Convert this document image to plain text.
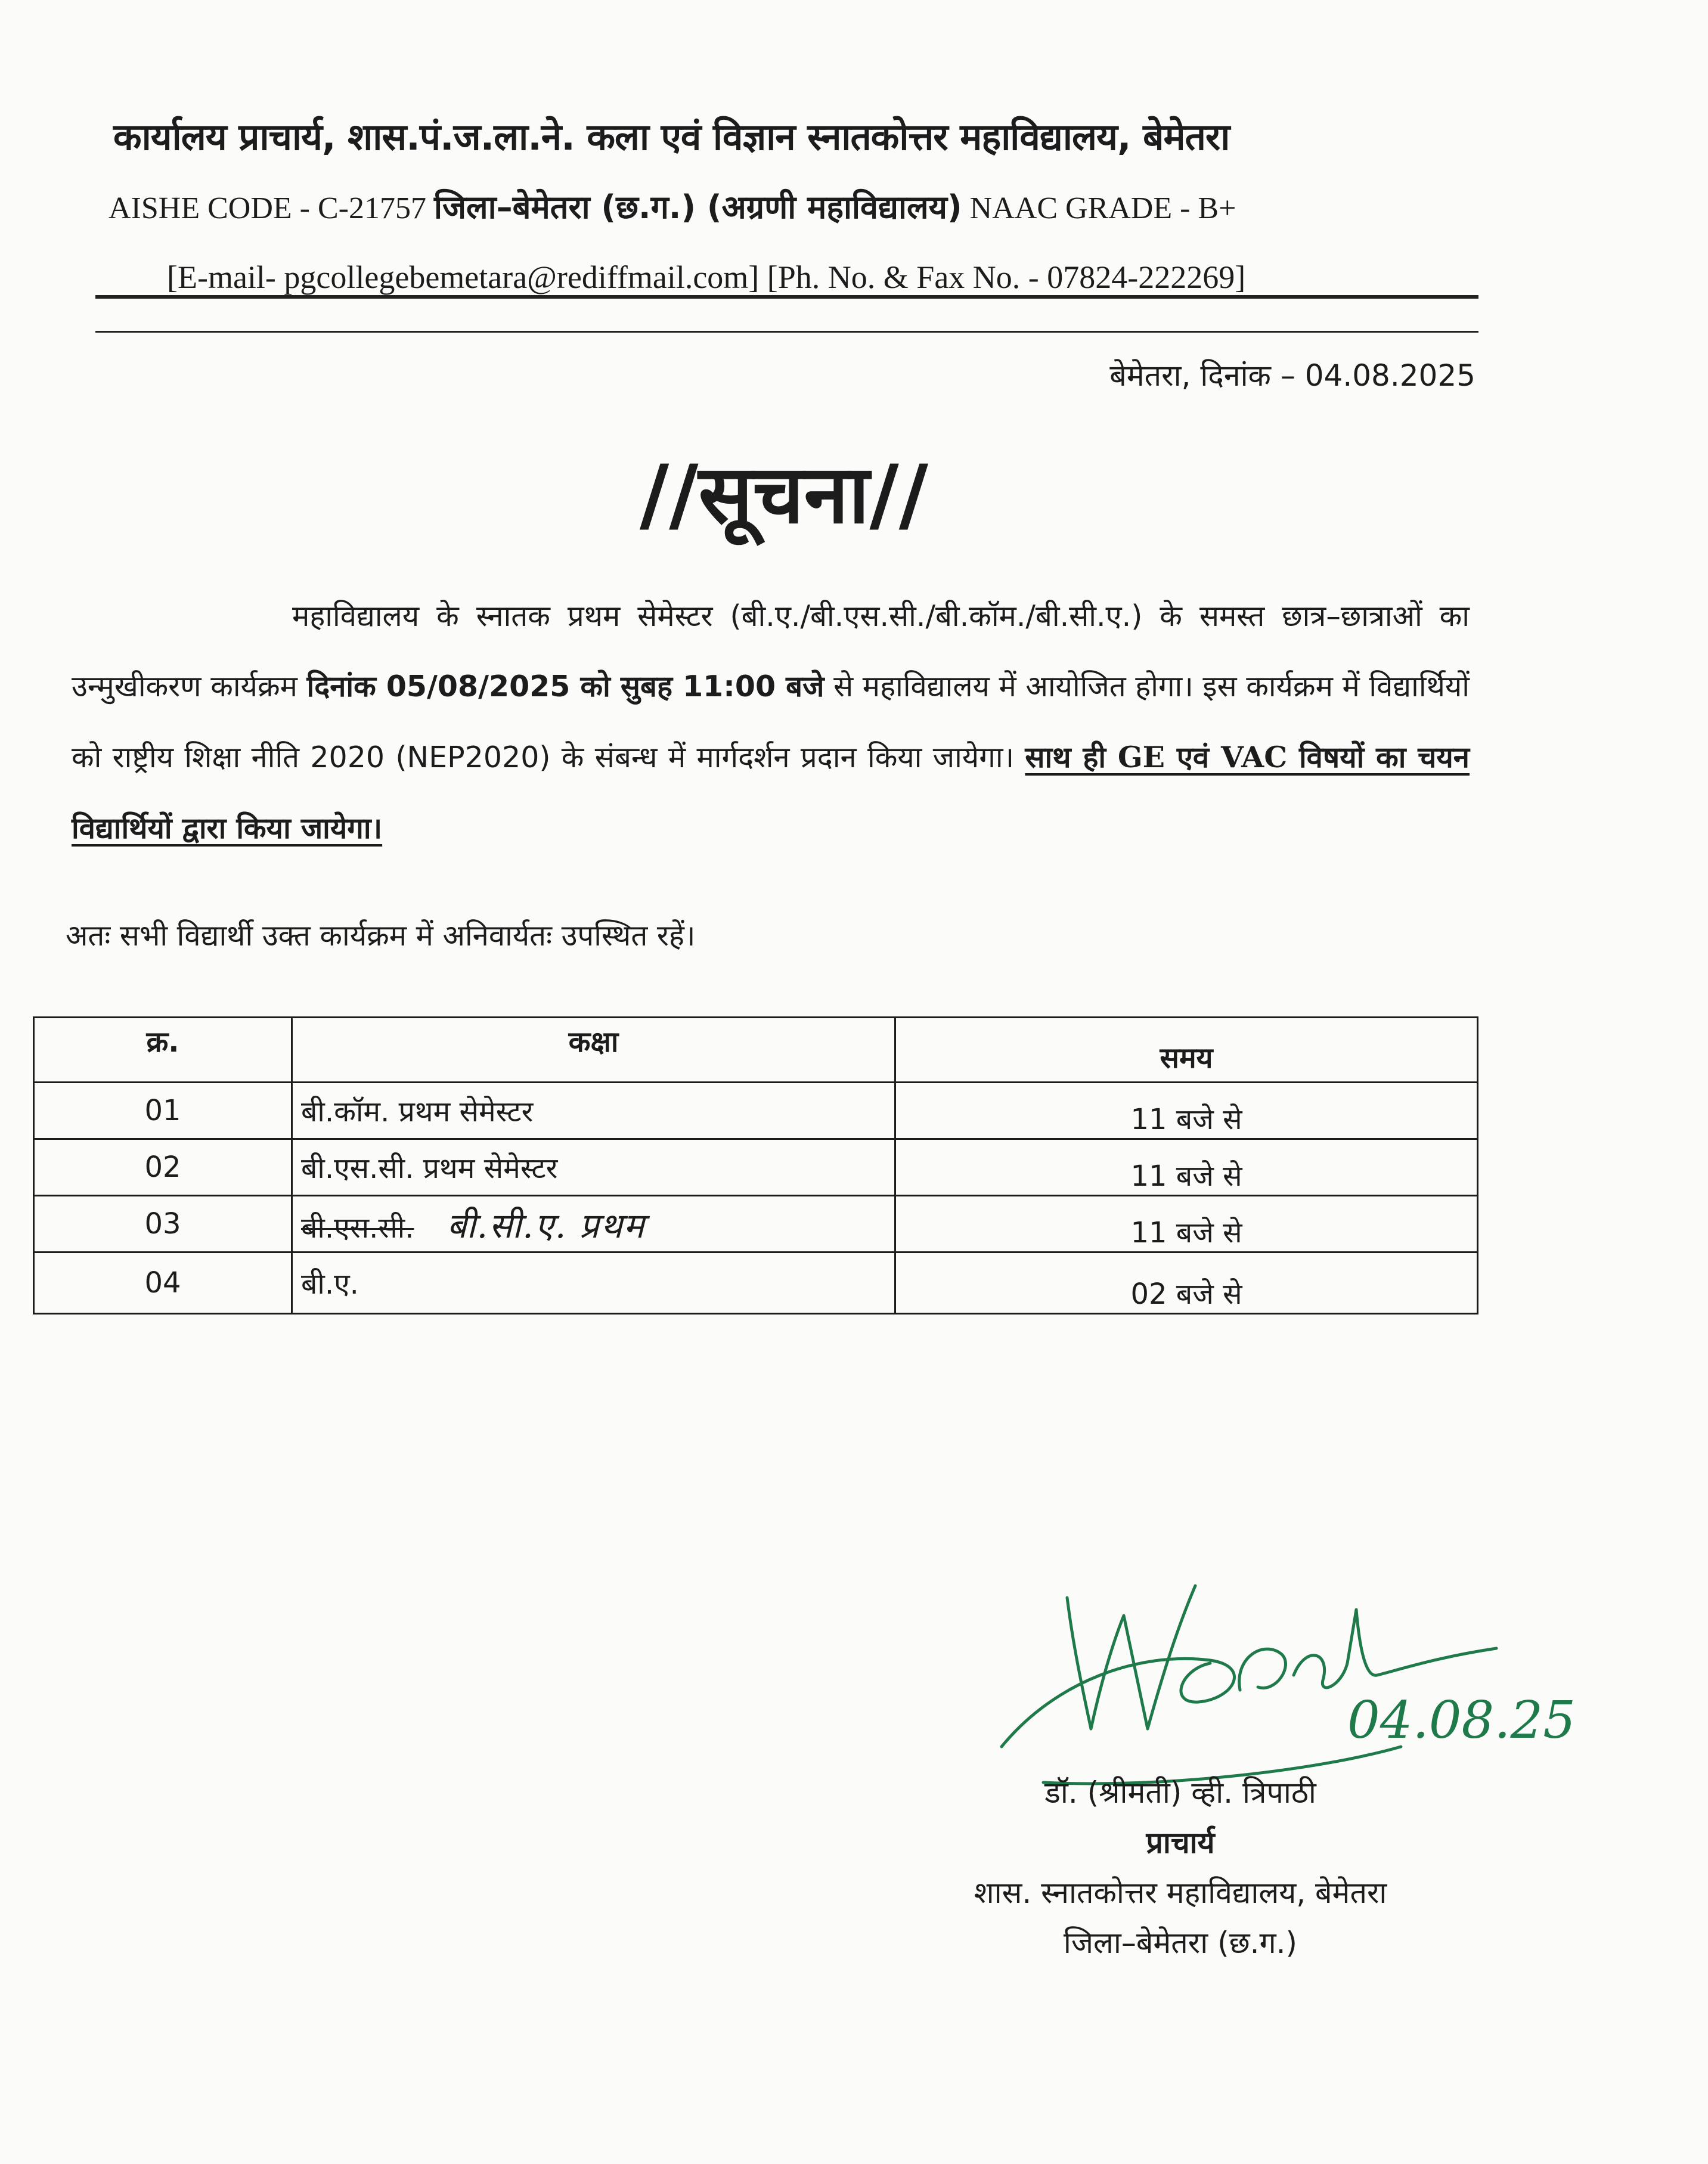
कार्यालय प्राचार्य, शास.पं.ज.ला.ने. कला एवं विज्ञान स्नातकोत्तर महाविद्यालय, बेमेतरा
AISHE CODE - C-21757 जिला–बेमेतरा (छ.ग.) (अग्रणी महाविद्यालय) NAAC GRADE - B+
[E-mail- pgcollegebemetara@rediffmail.com] [Ph. No. & Fax No. - 07824-222269]
बेमेतरा, दिनांक – 04.08.2025
//सूचना//
महाविद्यालय के स्नातक प्रथम सेमेस्टर (बी.ए./बी.एस.सी./बी.कॉम./बी.सी.ए.) के समस्त छात्र–छात्राओं का उन्मुखीकरण कार्यक्रम दिनांक 05/08/2025 को सुबह 11:00 बजे से महाविद्यालय में आयोजित होगा। इस कार्यक्रम में विद्यार्थियों को राष्ट्रीय शिक्षा नीति 2020 (NEP2020) के संबन्ध में मार्गदर्शन प्रदान किया जायेगा। साथ ही GE एवं VAC विषयों का चयन विद्यार्थियों द्वारा किया जायेगा।
अतः सभी विद्यार्थी उक्त कार्यक्रम में अनिवार्यतः उपस्थित रहें।
क्र.	कक्षा	समय
01	बी.कॉम. प्रथम सेमेस्टर	11 बजे से
02	बी.एस.सी. प्रथम सेमेस्टर	11 बजे से
03	बी.एस.सी. बी.सी.ए. प्रथम	11 बजे से
04	बी.ए.	02 बजे से
04.08.25
डॉ. (श्रीमती) व्ही. त्रिपाठी
प्राचार्य
शास. स्नातकोत्तर महाविद्यालय, बेमेतरा
जिला–बेमेतरा (छ.ग.)
